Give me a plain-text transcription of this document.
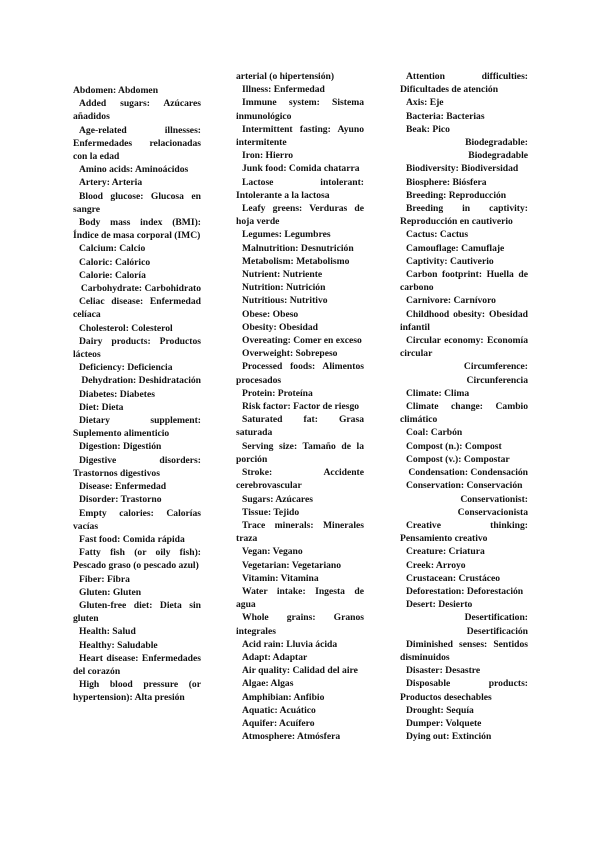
Abdomen: Abdomen

Added sugars: Azúcares añadidos

Age-related illnesses: Enfermedades relacionadas con la edad

Amino acids: Aminoácidos

Artery: Arteria

Blood glucose: Glucosa en sangre

Body mass index (BMI): Índice de masa corporal (IMC)

Calcium: Calcio

Caloric: Calórico

Calorie: Caloría

Carbohydrate: Carbohidrato

Celiac disease: Enfermedad celíaca

Cholesterol: Colesterol

Dairy products: Productos lácteos

Deficiency: Deficiencia

Dehydration: Deshidratación

Diabetes: Diabetes

Diet: Dieta

Dietary supplement: Suplemento alimenticio

Digestion: Digestión

Digestive disorders: Trastornos digestivos

Disease: Enfermedad

Disorder: Trastorno

Empty calories: Calorías vacías

Fast food: Comida rápida

Fatty fish (or oily fish): Pescado graso (o pescado azul)

Fiber: Fibra

Gluten: Gluten

Gluten-free diet: Dieta sin gluten

Health: Salud

Healthy: Saludable

Heart disease: Enfermedades del corazón

High blood pressure (or hypertension): Alta presión

arterial (o hipertensión)

Illness: Enfermedad

Immune system: Sistema inmunológico

Intermittent fasting: Ayuno intermitente

Iron: Hierro

Junk food: Comida chatarra

Lactose intolerant: Intolerante a la lactosa

Leafy greens: Verduras de hoja verde

Legumes: Legumbres

Malnutrition: Desnutrición

Metabolism: Metabolismo

Nutrient: Nutriente

Nutrition: Nutrición

Nutritious: Nutritivo

Obese: Obeso

Obesity: Obesidad

Overeating: Comer en exceso

Overweight: Sobrepeso

Processed foods: Alimentos procesados

Protein: Proteína

Risk factor: Factor de riesgo

Saturated fat: Grasa saturada

Serving size: Tamaño de la porción

Stroke: Accidente cerebrovascular

Sugars: Azúcares

Tissue: Tejido

Trace minerals: Minerales traza

Vegan: Vegano

Vegetarian: Vegetariano

Vitamin: Vitamina

Water intake: Ingesta de agua

Whole grains: Granos integrales

Acid rain: Lluvia ácida

Adapt: Adaptar

Air quality: Calidad del aire

Algae: Algas

Amphibian: Anfibio

Aquatic: Acuático

Aquifer: Acuífero

Atmosphere: Atmósfera

Attention difficulties: Dificultades de atención

Axis: Eje

Bacteria: Bacterias

Beak: Pico

Biodegradable: Biodegradable

Biodiversity: Biodiversidad

Biosphere: Biósfera

Breeding: Reproducción

Breeding in captivity: Reproducción en cautiverio

Cactus: Cactus

Camouflage: Camuflaje

Captivity: Cautiverio

Carbon footprint: Huella de carbono

Carnivore: Carnívoro

Childhood obesity: Obesidad infantil

Circular economy: Economía circular

Circumference: Circunferencia

Climate: Clima

Climate change: Cambio climático

Coal: Carbón

Compost (n.): Compost

Compost (v.): Compostar

Condensation: Condensación

Conservation: Conservación

Conservationist: Conservacionista

Creative thinking: Pensamiento creativo

Creature: Criatura

Creek: Arroyo

Crustacean: Crustáceo

Deforestation: Deforestación

Desert: Desierto

Desertification: Desertificación

Diminished senses: Sentidos disminuidos

Disaster: Desastre

Disposable products: Productos desechables

Drought: Sequía

Dumper: Volquete

Dying out: Extinción
